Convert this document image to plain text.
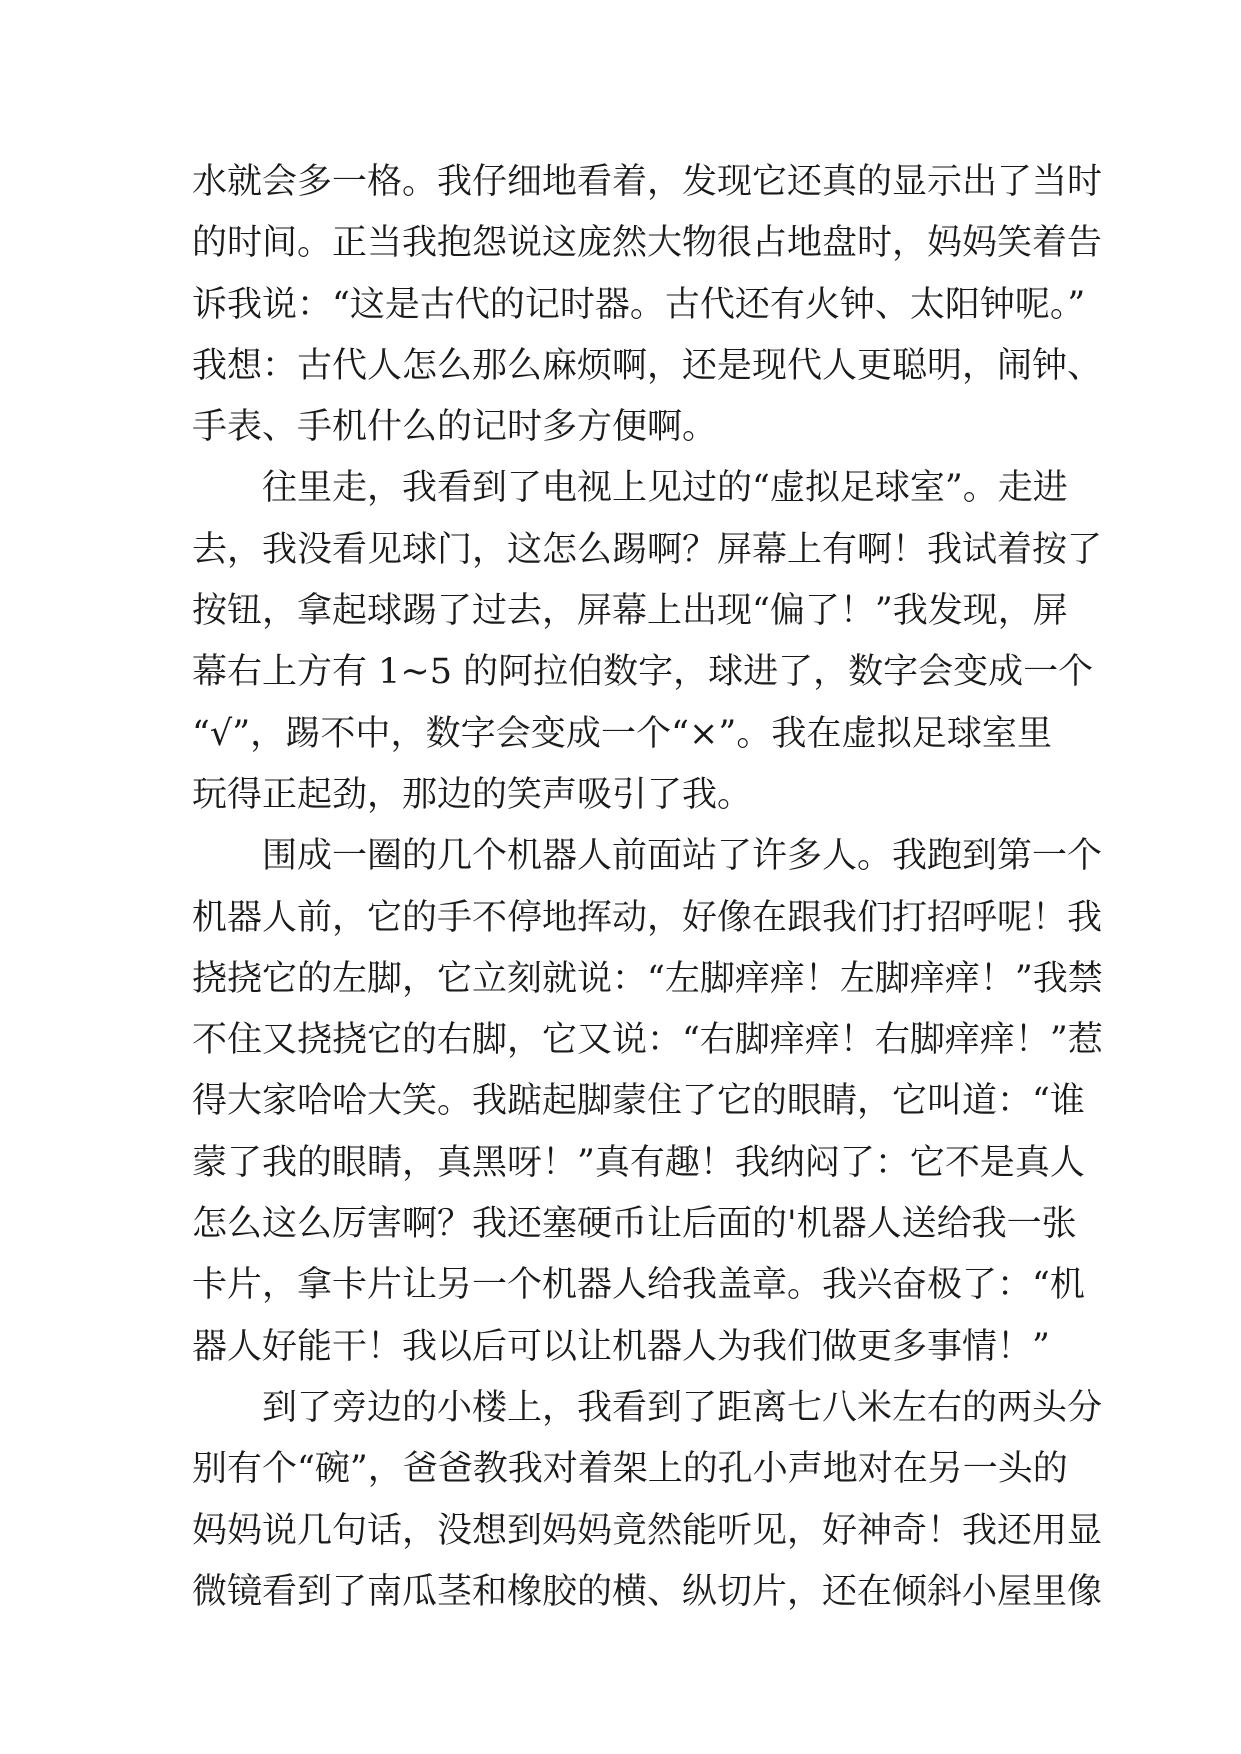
水就会多一格。我仔细地看着，发现它还真的显示出了当时
的时间。正当我抱怨说这庞然大物很占地盘时，妈妈笑着告
诉我说：“这是古代的记时器。古代还有火钟、太阳钟呢。”
我想：古代人怎么那么麻烦啊，还是现代人更聪明，闹钟、
手表、手机什么的记时多方便啊。
往里走，我看到了电视上见过的“虚拟足球室”。走进
去，我没看见球门，这怎么踢啊？屏幕上有啊！我试着按了
按钮，拿起球踢了过去，屏幕上出现“偏了！”我发现，屏
幕右上方有 1~5 的阿拉伯数字，球进了，数字会变成一个
“√”，踢不中，数字会变成一个“×”。我在虚拟足球室里
玩得正起劲，那边的笑声吸引了我。
围成一圈的几个机器人前面站了许多人。我跑到第一个
机器人前，它的手不停地挥动，好像在跟我们打招呼呢！我
挠挠它的左脚，它立刻就说：“左脚痒痒！左脚痒痒！”我禁
不住又挠挠它的右脚，它又说：“右脚痒痒！右脚痒痒！”惹
得大家哈哈大笑。我踮起脚蒙住了它的眼睛，它叫道：“谁
蒙了我的眼睛，真黑呀！”真有趣！我纳闷了：它不是真人
怎么这么厉害啊？我还塞硬币让后面的'机器人送给我一张
卡片，拿卡片让另一个机器人给我盖章。我兴奋极了：“机
器人好能干！我以后可以让机器人为我们做更多事情！”
到了旁边的小楼上，我看到了距离七八米左右的两头分
别有个“碗”，爸爸教我对着架上的孔小声地对在另一头的
妈妈说几句话，没想到妈妈竟然能听见，好神奇！我还用显
微镜看到了南瓜茎和橡胶的横、纵切片，还在倾斜小屋里像
